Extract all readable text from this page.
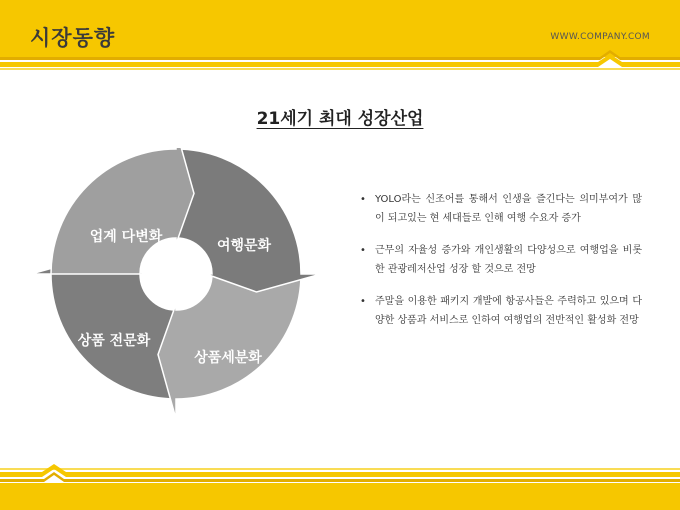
시장동향	WWW.COMPANY.COM
21세기 최대 성장산업
업계 다변화
여행문화
상품세분화
상품 전문화
• YOLO라는 신조어를 통해서 인생을 즐긴다는 의미부여가 많이 되고있는 현 세대들로 인해 여행 수요자 증가
• 근무의 자율성 증가와 개인생활의 다양성으로 여행업을 비롯한 관광레저산업 성장 할 것으로 전망
• 주말을 이용한 패키지 개발에 항공사들은 주력하고 있으며 다양한 상품과 서비스로 인하여 여행업의 전반적인 활성화 전망
